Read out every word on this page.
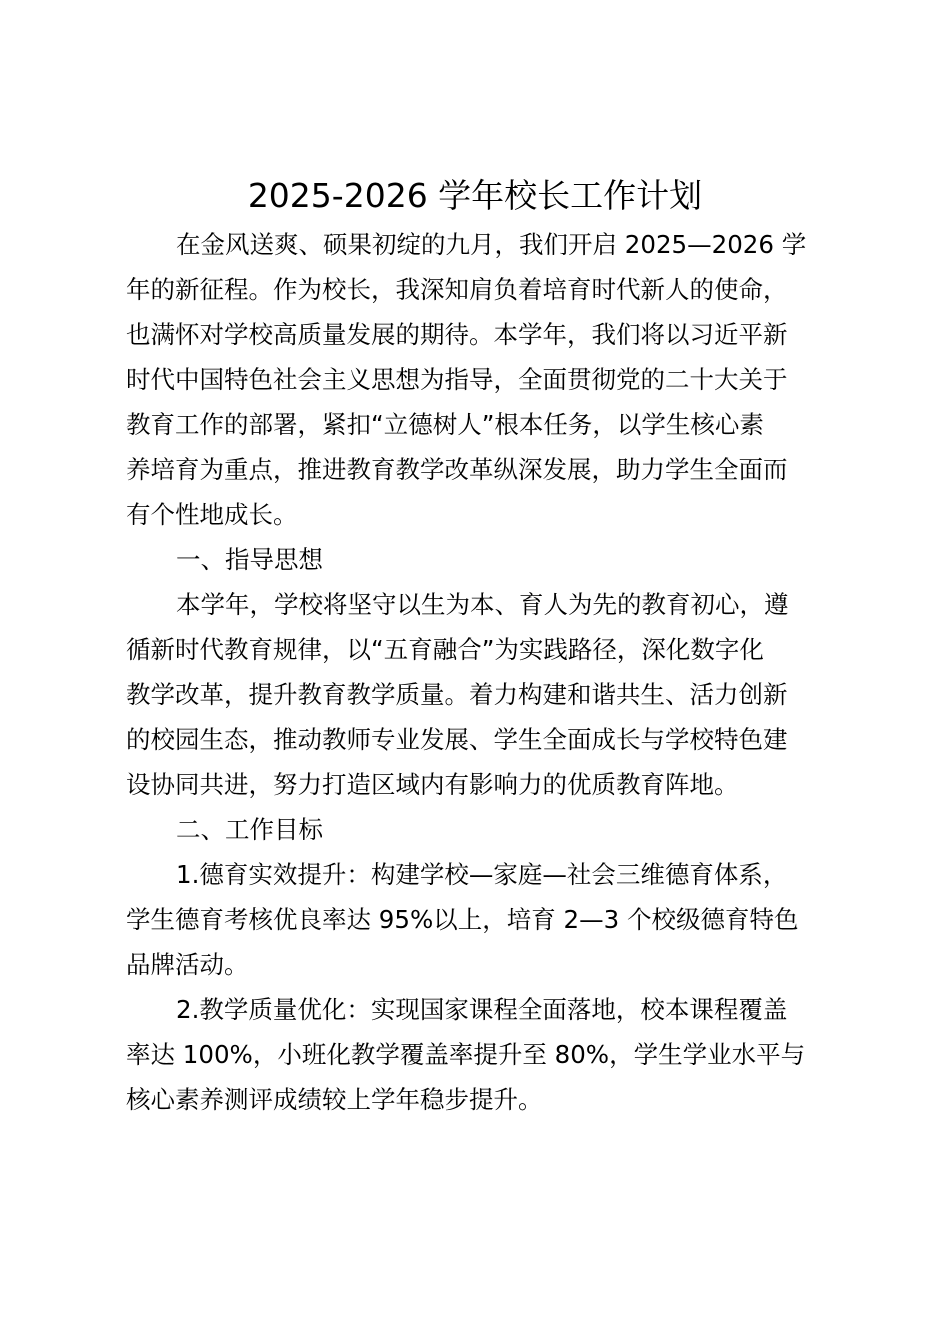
2025-2026 学年校长工作计划

在金风送爽、硕果初绽的九月，我们开启 2025—2026 学

年的新征程。作为校长，我深知肩负着培育时代新人的使命，

也满怀对学校高质量发展的期待。本学年，我们将以习近平新

时代中国特色社会主义思想为指导，全面贯彻党的二十大关于

教育工作的部署，紧扣“立德树人”根本任务，以学生核心素

养培育为重点，推进教育教学改革纵深发展，助力学生全面而

有个性地成长。

一、指导思想

本学年，学校将坚守以生为本、育人为先的教育初心，遵

循新时代教育规律，以“五育融合”为实践路径，深化数字化

教学改革，提升教育教学质量。着力构建和谐共生、活力创新

的校园生态，推动教师专业发展、学生全面成长与学校特色建

设协同共进，努力打造区域内有影响力的优质教育阵地。

二、工作目标

1.德育实效提升：构建学校—家庭—社会三维德育体系，

学生德育考核优良率达 95%以上，培育 2—3 个校级德育特色

品牌活动。

2.教学质量优化：实现国家课程全面落地，校本课程覆盖

率达 100%，小班化教学覆盖率提升至 80%，学生学业水平与

核心素养测评成绩较上学年稳步提升。
